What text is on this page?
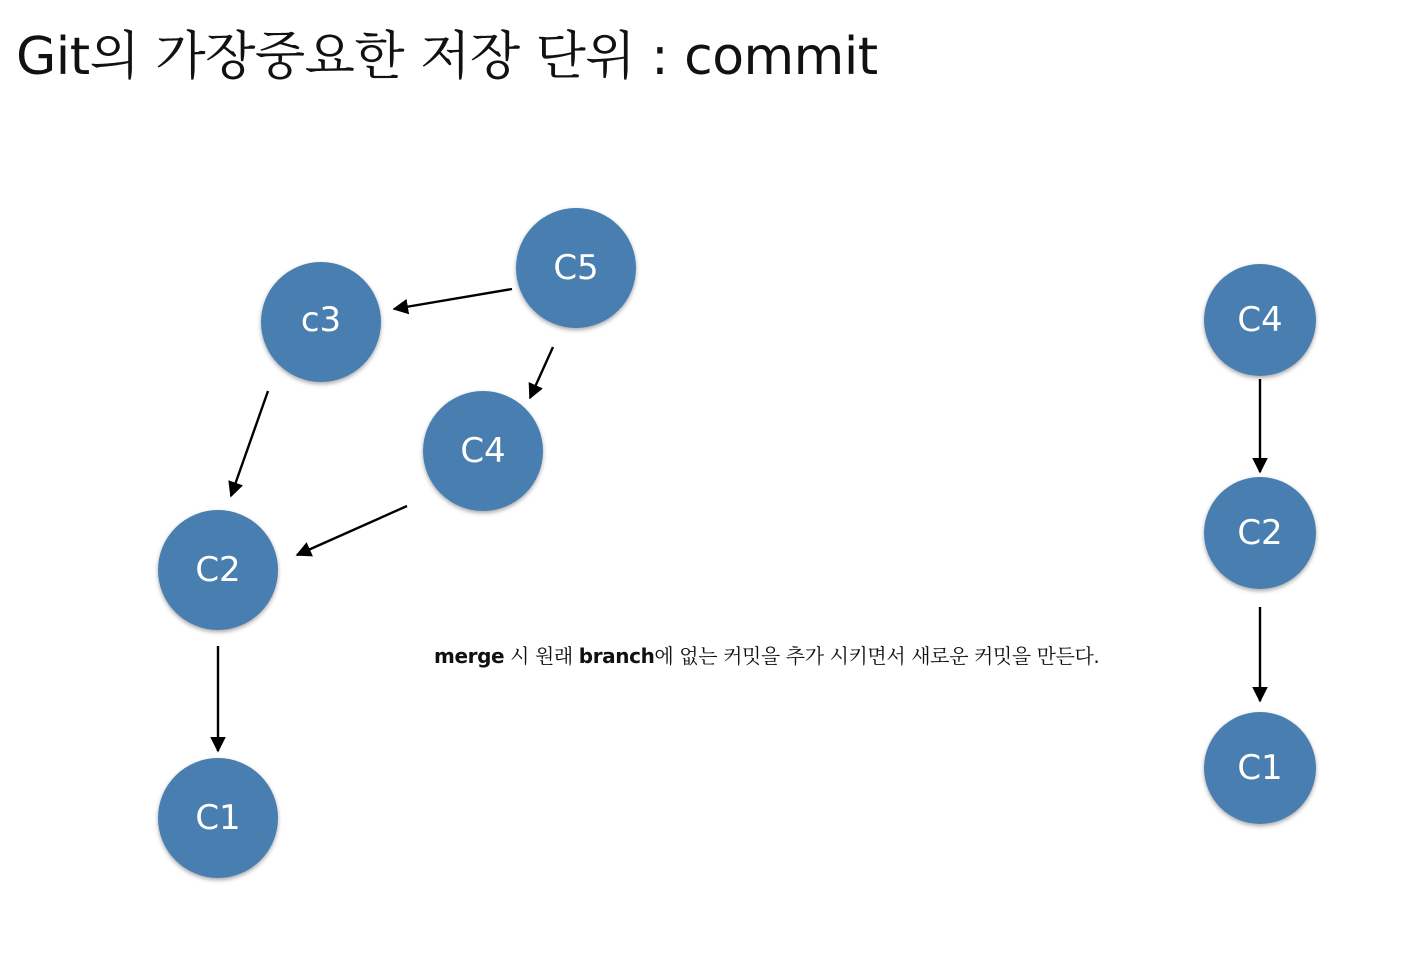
Git의 가장중요한 저장 단위 : commit
C5
c3
C4
C2
C1
C4
C2
C1
merge 시 원래 branch에 없는 커밋을 추가 시키면서 새로운 커밋을 만든다.
